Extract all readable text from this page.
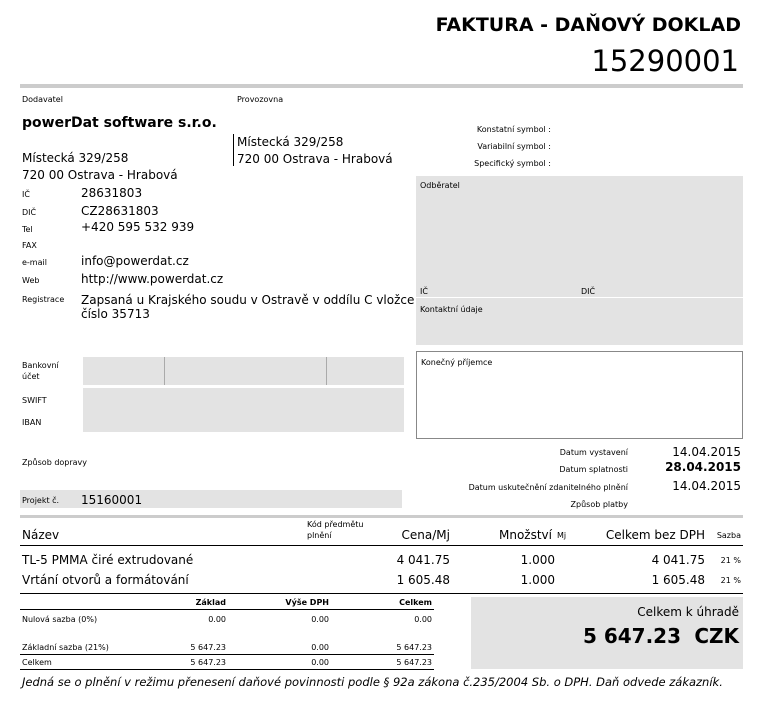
FAKTURA - DAŇOVÝ DOKLAD
15290001
Dodavatel
powerDat software s.r.o.
Místecká 329/258
720 00 Ostrava - Hrabová
IČ	28631803
DIČ	CZ28631803
Tel	+420 595 532 939
FAX
e-mail	info@powerdat.cz
Web	http://www.powerdat.cz
Registrace Zapsaná u Krajského soudu v Ostravě v oddílu C vložce
číslo 35713
Provozovna
Místecká 329/258
720 00 Ostrava - Hrabová
Konstatní symbol :
Variabilní symbol :
Specifický symbol :
Odběratel
IČ	DIČ
Kontaktní údaje
Konečný příjemce
Bankovní
účet
SWIFT
IBAN
Datum vystavení	14.04.2015
Datum splatnosti	28.04.2015
Datum uskutečnění zdanitelného plnění	14.04.2015
Způsob platby
Způsob dopravy
Projekt č. 15160001
Název
Kód předmětu
plnění	Cena/Mj	Množství Mj	Celkem bez DPH Sazba
TL-5 PMMA čiré extrudované	4 041.75	1.000	4 041.75 21 %
Vrtání otvorů a formátování	1 605.48	1.000	1 605.48 21 %
Základ	Výše DPH	Celkem
Nulová sazba (0%)	0.00	0.00	0.00
Základní sazba (21%)	5 647.23	0.00	5 647.23
Celkem	5 647.23	0.00	5 647.23
Celkem k úhradě
5 647.23 CZK
Jedná se o plnění v režimu přenesení daňové povinnosti podle § 92a zákona č.235/2004 Sb. o DPH. Daň odvede zákazník.
